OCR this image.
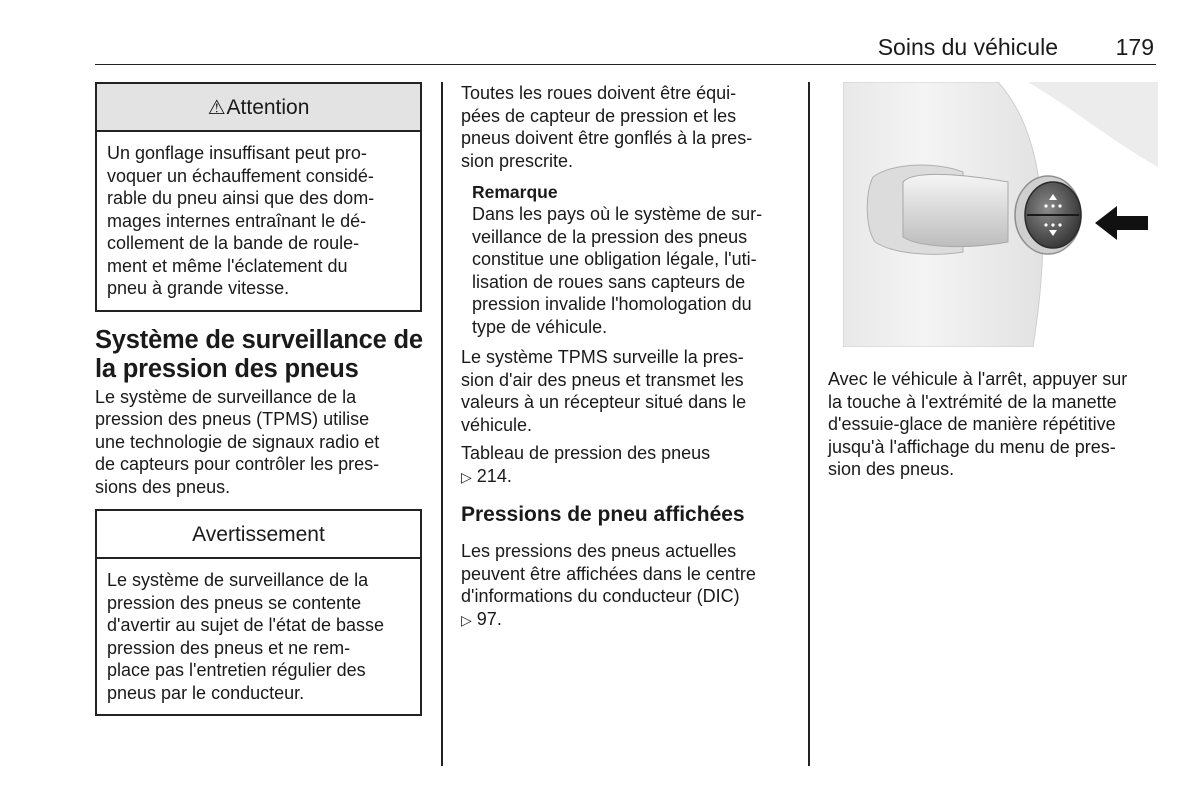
Soins du véhicule	179
⚠Attention
Un gonflage insuffisant peut pro-
voquer un échauffement considé-
rable du pneu ainsi que des dom-
mages internes entraînant le dé-
collement de la bande de roule-
ment et même l'éclatement du
pneu à grande vitesse.
Système de surveillance de
la pression des pneus
Le système de surveillance de la
pression des pneus (TPMS) utilise
une technologie de signaux radio et
de capteurs pour contrôler les pres-
sions des pneus.
Avertissement
Le système de surveillance de la
pression des pneus se contente
d'avertir au sujet de l'état de basse
pression des pneus et ne rem-
place pas l'entretien régulier des
pneus par le conducteur.
Toutes les roues doivent être équi-
pées de capteur de pression et les
pneus doivent être gonflés à la pres-
sion prescrite.
Remarque
Dans les pays où le système de sur-
veillance de la pression des pneus
constitue une obligation légale, l'uti-
lisation de roues sans capteurs de
pression invalide l'homologation du
type de véhicule.
Le système TPMS surveille la pres-
sion d'air des pneus et transmet les
valeurs à un récepteur situé dans le
véhicule.
Tableau de pression des pneus
▷ 214.
Pressions de pneu affichées
Les pressions des pneus actuelles
peuvent être affichées dans le centre
d'informations du conducteur (DIC)
▷ 97.
Avec le véhicule à l'arrêt, appuyer sur
la touche à l'extrémité de la manette
d'essuie-glace de manière répétitive
jusqu'à l'affichage du menu de pres-
sion des pneus.
